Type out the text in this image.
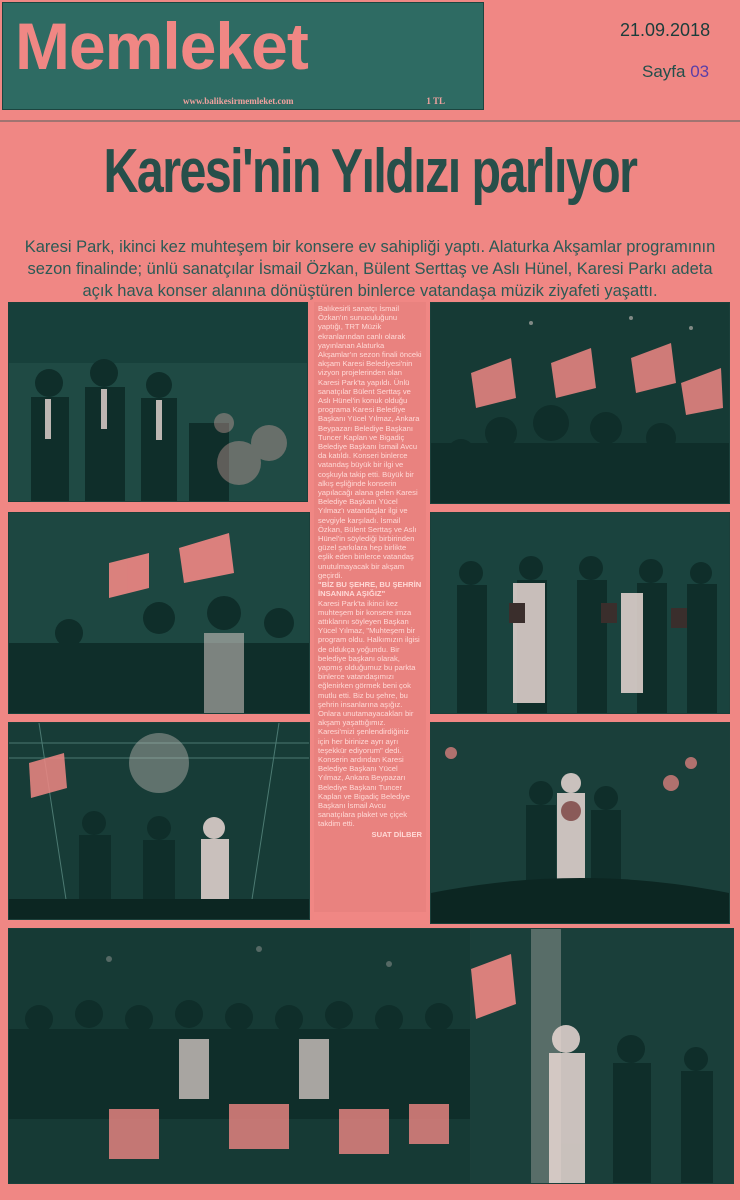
Memleket
www.balikesirmemleket.com	1 TL
21.09.2018
Sayfa 03
Karesi'nin Yıldızı parlıyor
Karesi Park, ikinci kez muhteşem bir konsere ev sahipliği yaptı. Alaturka Akşamlar programının sezon finalinde; ünlü sanatçılar İsmail Özkan, Bülent Serttaş ve Aslı Hünel, Karesi Parkı adeta açık hava konser alanına dönüştüren binlerce vatandaşa müzik ziyafeti yaşattı.

Balıkesirli sanatçı İsmail Özkan'ın sunuculuğunu yaptığı, TRT Müzik ekranlarından canlı olarak yayınlanan Alaturka Akşamlar'ın sezon finali önceki akşam Karesi Belediyesi'nin vizyon projelerinden olan Karesi Park'ta yapıldı. Ünlü sanatçılar Bülent Serttaş ve Aslı Hünel'in konuk olduğu programa Karesi Belediye Başkanı Yücel Yılmaz, Ankara Beypazarı Belediye Başkanı Tuncer Kaplan ve Bigadiç Belediye Başkanı İsmail Avcu da katıldı. Konseri binlerce vatandaş büyük bir ilgi ve coşkuyla takip etti. Büyük bir alkış eşliğinde konserin yapılacağı alana gelen Karesi Belediye Başkanı Yücel Yılmaz'ı vatandaşlar ilgi ve sevgiyle karşıladı. İsmail Özkan, Bülent Serttaş ve Aslı Hünel'in söylediği birbirinden güzel şarkılara hep birlikte eşlik eden binlerce vatandaş unutulmayacak bir akşam geçirdi.

"BİZ BU ŞEHRE, BU ŞEHRİN İNSANINA AŞIĞIZ"

Karesi Park'ta ikinci kez muhteşem bir konsere imza attıklarını söyleyen Başkan Yücel Yılmaz, "Muhteşem bir program oldu. Halkımızın ilgisi de oldukça yoğundu. Bir belediye başkanı olarak, yapmış olduğumuz bu parkta binlerce vatandaşımızı eğlenirken görmek beni çok mutlu etti. Biz bu şehre, bu şehrin insanlarına aşığız. Onlara unutamayacakları bir akşam yaşattığımız. Karesi'mizi şenlendirdiğiniz için her birinize ayrı ayrı teşekkür ediyorum" dedi. Konserin ardından Karesi Belediye Başkanı Yücel Yılmaz, Ankara Beypazarı Belediye Başkanı Tuncer Kaplan ve Bigadiç Belediye Başkanı İsmail Avcu sanatçılara plaket ve çiçek takdim etti.

SUAT DİLBER
